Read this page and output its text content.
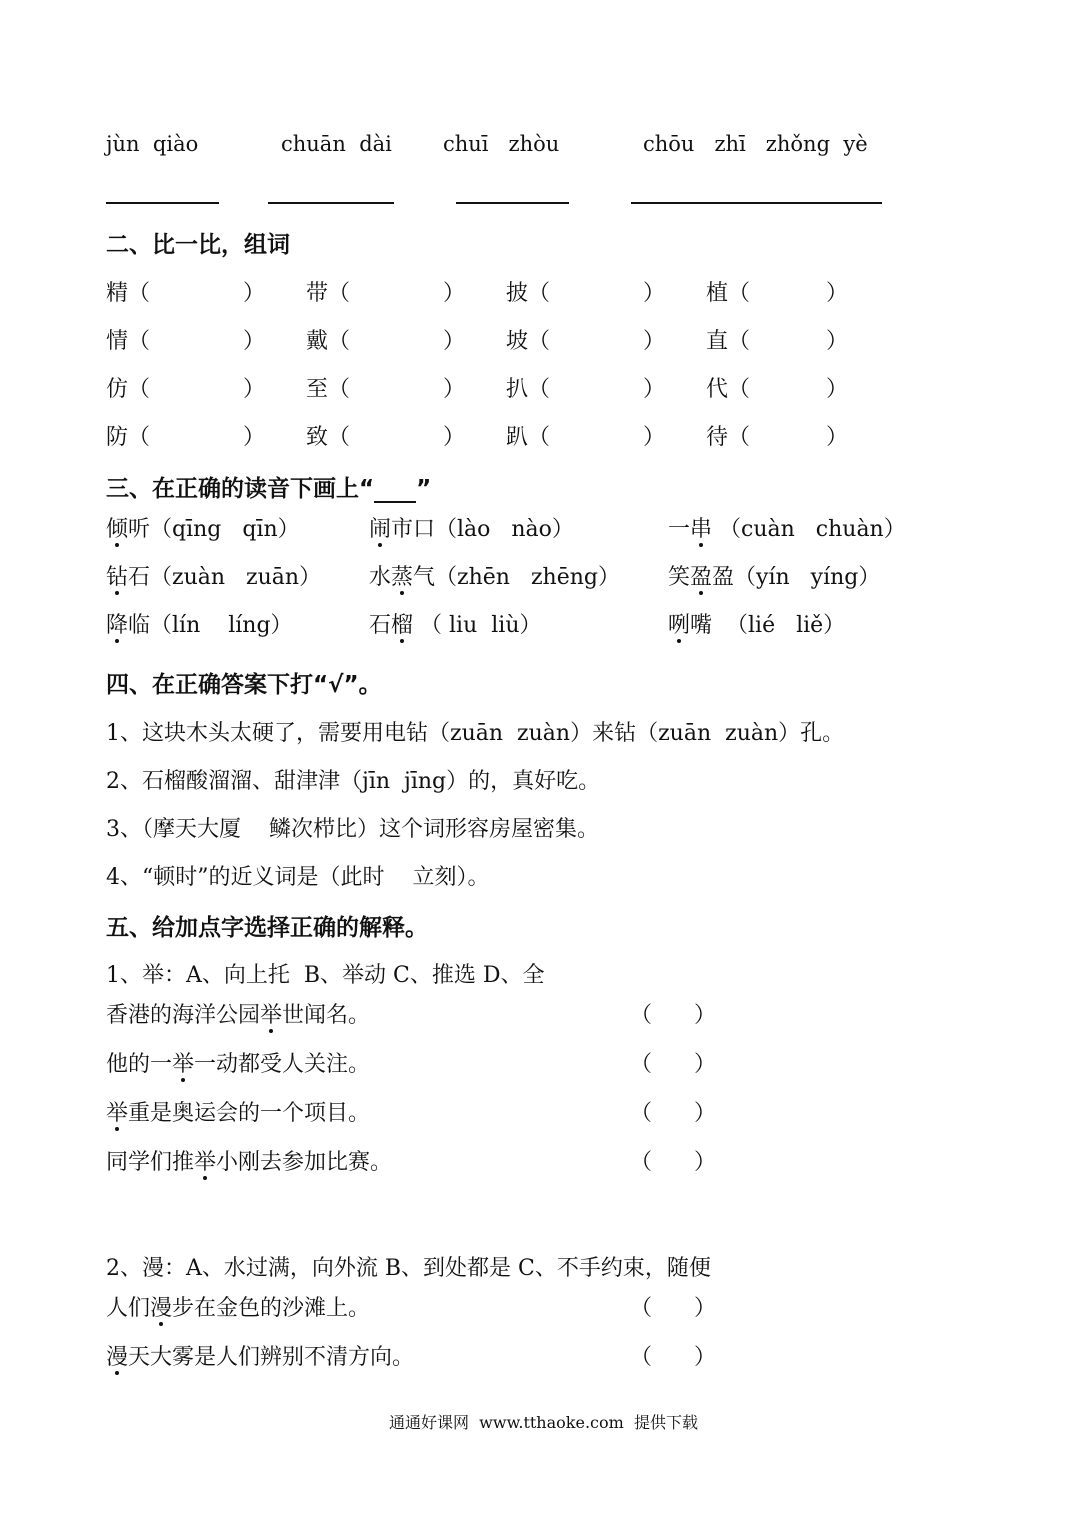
jùn  qiào	chuān  dài chuī   zhòu	chōu   zhī   zhǒng  yè
二、比一比，组词
精（	） 带（	） 披（	） 植（	）
情（	） 戴（	） 坡（	） 直（	）
仿（	） 至（	） 扒（	） 代（	）
防（	） 致（	） 趴（	） 待（	）
三、在正确的读音下画上“ ”
倾听（qīng   qīn）	闹市口（lào   nào）	一串 （cuàn   chuàn）
钻石（zuàn   zuān） 水蒸气（zhēn   zhēng） 笑盈盈（yín   yíng）
降临（lín    líng）	石榴 （ liu  liù）	咧嘴  （lié   liě）
四、在正确答案下打“√”。
1、这块木头太硬了，需要用电钻（zuān  zuàn）来钻（zuān  zuàn）孔。
2、石榴酸溜溜、甜津津（jīn  jīng）的，真好吃。
3、（摩天大厦    鳞次栉比）这个词形容房屋密集。
4、“顿时”的近义词是（此时    立刻）。
五、给加点字选择正确的解释。
1、举：A、向上托  B、举动 C、推选 D、全
香港的海洋公园举世闻名。	（      ）
他的一举一动都受人关注。	（      ）
举重是奥运会的一个项目。	（      ）
同学们推举小刚去参加比赛。	（      ）
2、漫：A、水过满，向外流 B、到处都是 C、不手约束，随便
人们漫步在金色的沙滩上。	（      ）
漫天大雾是人们辨别不清方向。	（      ）
通通好课网  www.tthaoke.com  提供下载
